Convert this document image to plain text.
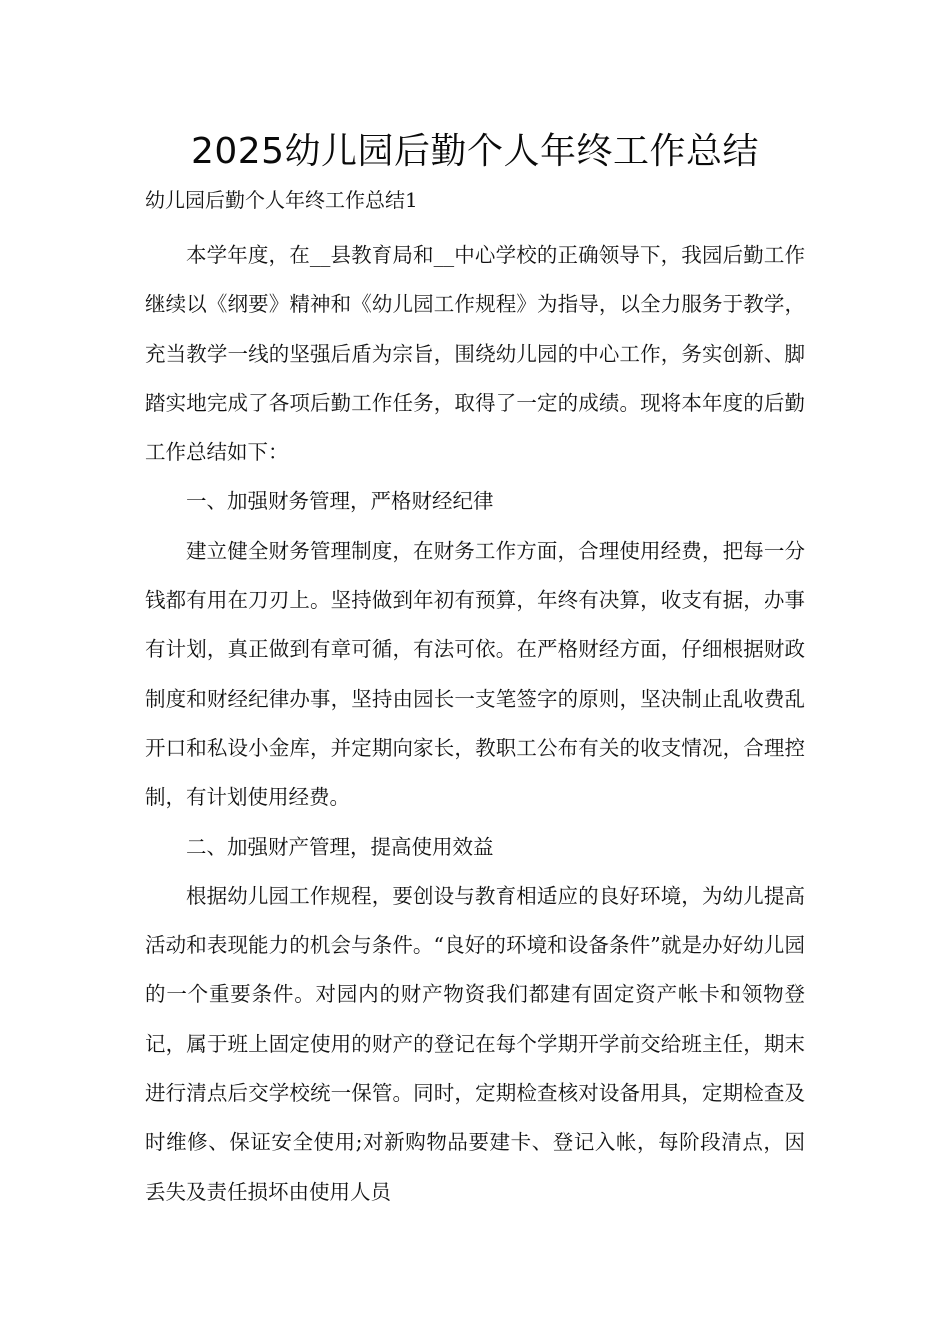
2025幼儿园后勤个人年终工作总结
幼儿园后勤个人年终工作总结1

本学年度，在__县教育局和__中心学校的正确领导下，我园后勤工作继续以《纲要》精神和《幼儿园工作规程》为指导，以全力服务于教学，充当教学一线的坚强后盾为宗旨，围绕幼儿园的中心工作，务实创新、脚踏实地完成了各项后勤工作任务，取得了一定的成绩。现将本年度的后勤工作总结如下：

一、加强财务管理，严格财经纪律

建立健全财务管理制度，在财务工作方面，合理使用经费，把每一分钱都有用在刀刃上。坚持做到年初有预算，年终有决算，收支有据，办事有计划，真正做到有章可循，有法可依。在严格财经方面，仔细根据财政制度和财经纪律办事，坚持由园长一支笔签字的原则，坚决制止乱收费乱开口和私设小金库，并定期向家长，教职工公布有关的收支情况，合理控制，有计划使用经费。

二、加强财产管理，提高使用效益

根据幼儿园工作规程，要创设与教育相适应的良好环境，为幼儿提高活动和表现能力的机会与条件。“良好的环境和设备条件”就是办好幼儿园的一个重要条件。对园内的财产物资我们都建有固定资产帐卡和领物登记，属于班上固定使用的财产的登记在每个学期开学前交给班主任，期末进行清点后交学校统一保管。同时，定期检查核对设备用具，定期检查及时维修、保证安全使用;对新购物品要建卡、登记入帐，每阶段清点，因丢失及责任损坏由使用人员
